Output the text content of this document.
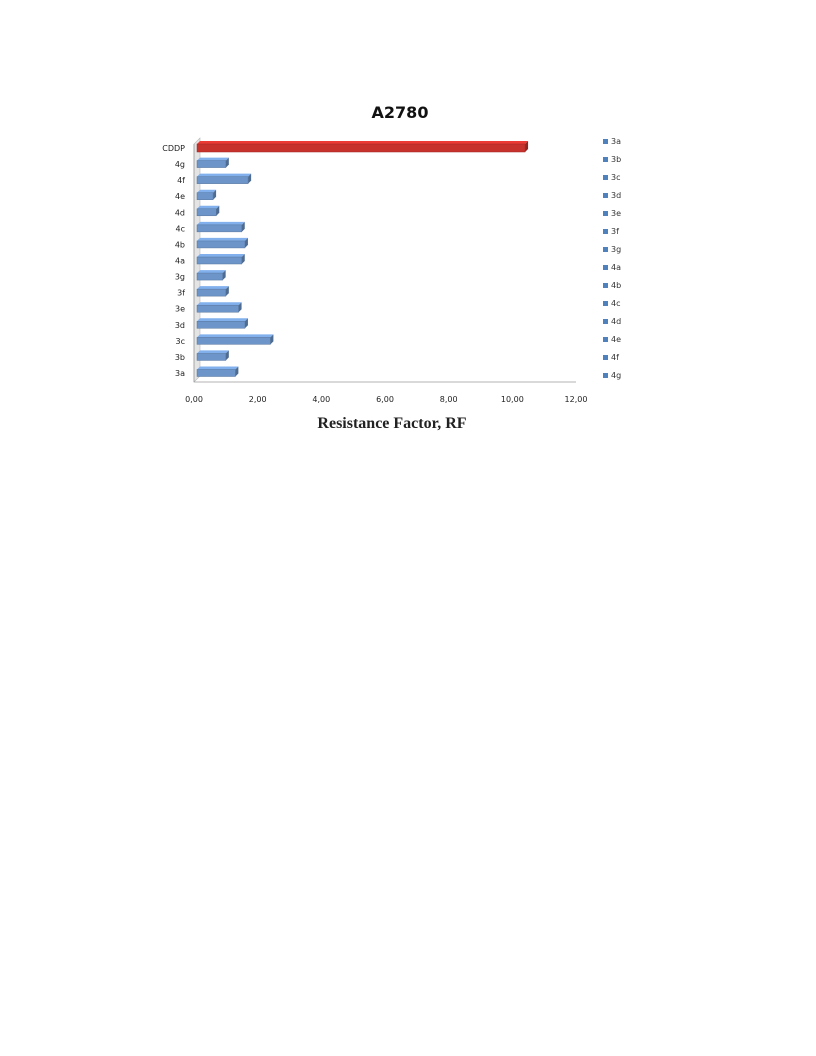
A2780
3a
3b
3c
3d
3e
3f
3g
4a
4b
4c
4d
4e
4f
4g
CDDP
0,00	2,00	4,00	6,00	8,00	10,00	12,00
Resistance Factor, RF
3a
3b
3c
3d
3e
3f
3g
4a
4b
4c
4d
4e
4f
4g
